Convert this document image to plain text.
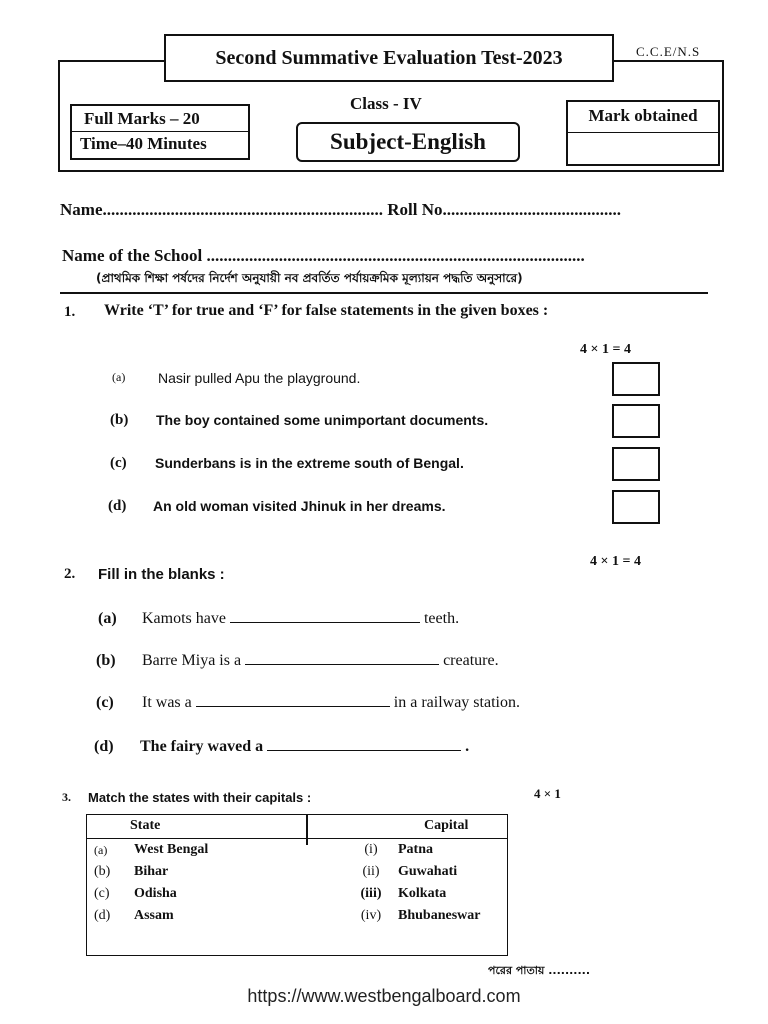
Second Summative Evaluation Test-2023	C.C.E/N.S
Class - IV
Full Marks – 20
Time–40 Minutes	Subject-English
Mark obtained
Name.................................................................. Roll No..........................................
Name of the School .........................................................................................
(প্রাথমিক শিক্ষা পর্ষদের নির্দেশ অনুযায়ী নব প্রবর্তিত পর্যায়ক্রমিক মূল্যায়ন পদ্ধতি অনুসারে)
1. Write ‘T’ for true and ‘F’ for false statements in the given boxes :
4 × 1 = 4
(a) Nasir pulled Apu the playground.
(b) The boy contained some unimportant documents.
(c) Sunderbans is in the extreme south of Bengal.
(d) An old woman visited Jhinuk in her dreams.
2. Fill in the blanks :
4 × 1 = 4
(a) Kamots have	teeth.
(b) Barre Miya is a	creature.
(c) It was a	in a railway station.
(d) The fairy waved a	.
3. Match the states with their capitals :	4 × 1
State		Capital	
(a)	West Bengal	(i)	Patna
(b)	Bihar	(ii)	Guwahati
(c)	Odisha	(iii)	Kolkata
(d)	Assam	(iv)	Bhubaneswar
পরের পাতায় ..........
https://www.westbengalboard.com
